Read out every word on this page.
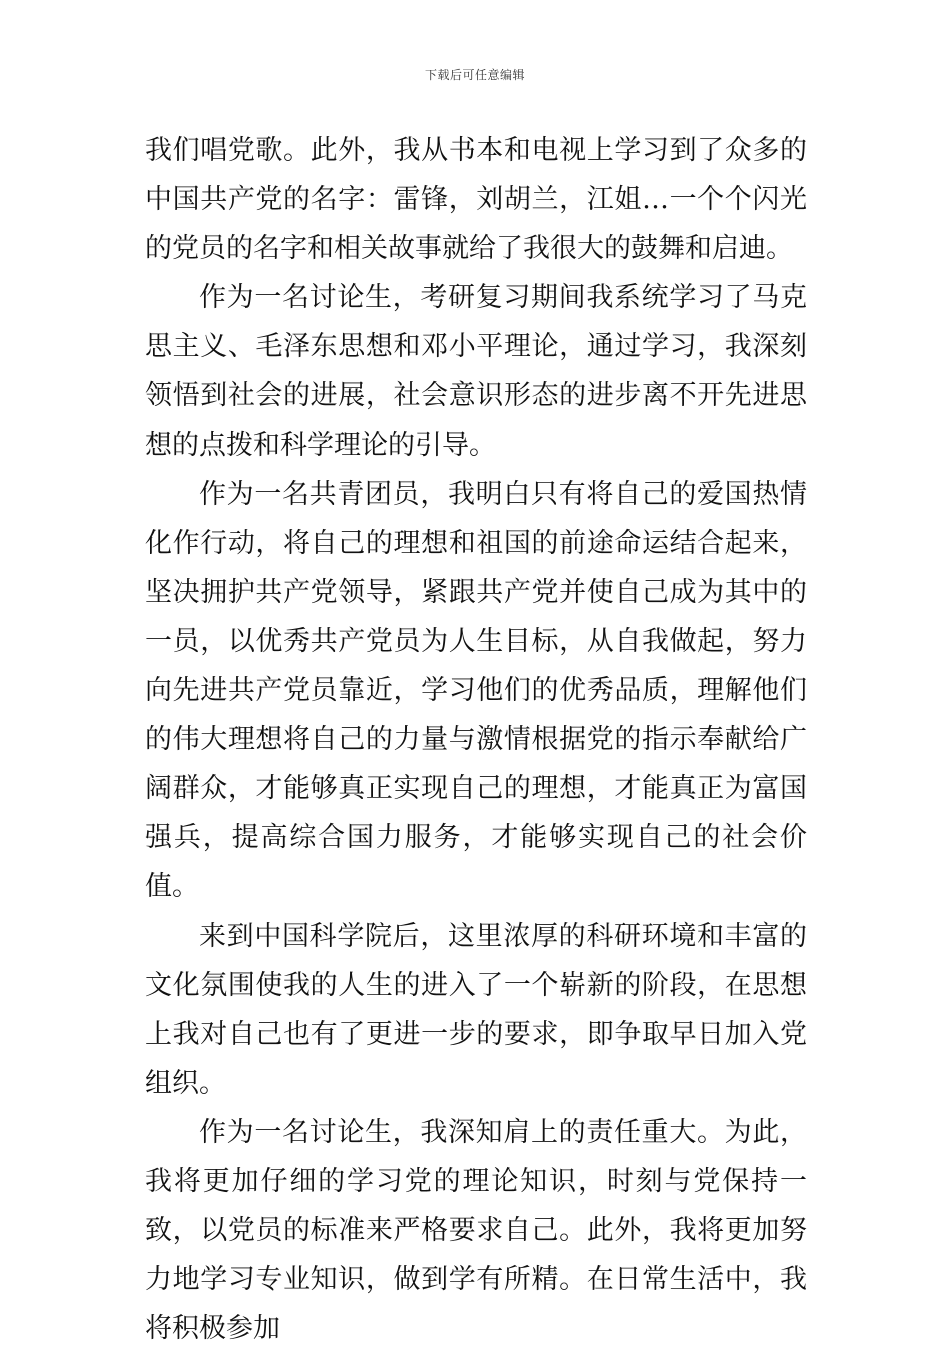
下载后可任意编辑

我们唱党歌。此外，我从书本和电视上学习到了众多的中国共产党的名字：雷锋，刘胡兰，江姐…一个个闪光的党员的名字和相关故事就给了我很大的鼓舞和启迪。

作为一名讨论生，考研复习期间我系统学习了马克思主义、毛泽东思想和邓小平理论，通过学习，我深刻领悟到社会的进展，社会意识形态的进步离不开先进思想的点拨和科学理论的引导。

作为一名共青团员，我明白只有将自己的爱国热情化作行动，将自己的理想和祖国的前途命运结合起来，坚决拥护共产党领导，紧跟共产党并使自己成为其中的一员，以优秀共产党员为人生目标，从自我做起，努力向先进共产党员靠近，学习他们的优秀品质，理解他们的伟大理想将自己的力量与激情根据党的指示奉献给广阔群众，才能够真正实现自己的理想，才能真正为富国强兵，提高综合国力服务，才能够实现自己的社会价值。

来到中国科学院后，这里浓厚的科研环境和丰富的文化氛围使我的人生的进入了一个崭新的阶段，在思想上我对自己也有了更进一步的要求，即争取早日加入党组织。

作为一名讨论生，我深知肩上的责任重大。为此，我将更加仔细的学习党的理论知识，时刻与党保持一致，以党员的标准来严格要求自己。此外，我将更加努力地学习专业知识，做到学有所精。在日常生活中，我将积极参加
